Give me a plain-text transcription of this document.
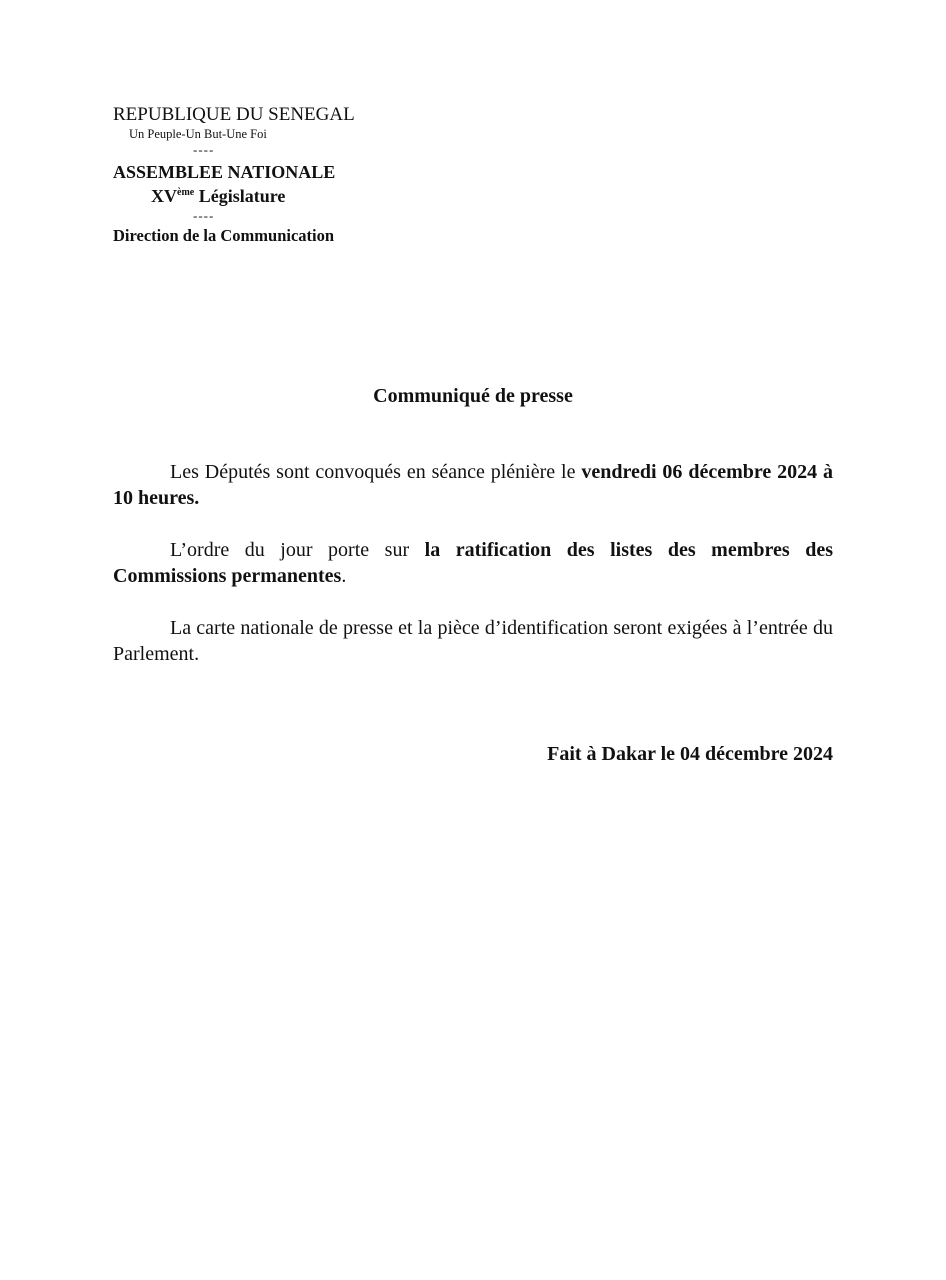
REPUBLIQUE DU SENEGAL
Un Peuple-Un But-Une Foi
----
ASSEMBLEE NATIONALE
XVème Législature
----
Direction de la Communication
Communiqué de presse

Les Députés sont convoqués en séance plénière le vendredi 06 décembre 2024 à 10 heures.

L’ordre du jour porte sur la ratification des listes des membres des Commissions permanentes.

La carte nationale de presse et la pièce d’identification seront exigées à l’entrée du Parlement.

Fait à Dakar le 04 décembre 2024
